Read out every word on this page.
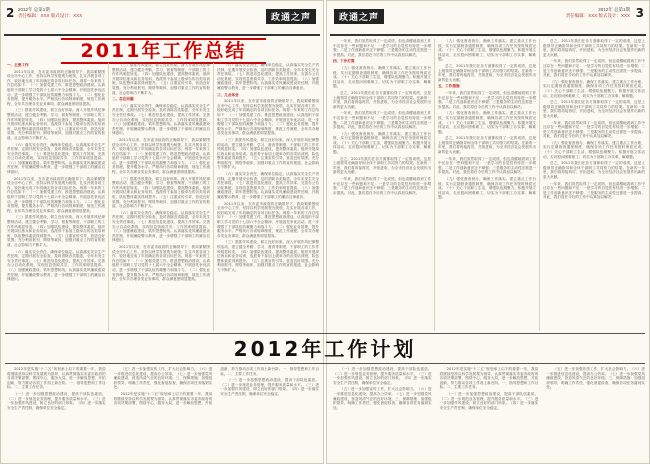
2 2012年 总第1期
责任编辑：XXX 版式设计：XXX	政通之声
2011年工作总结

一、主要工作

2011年以来，在市委市政府的正确领导下，我局紧紧围绕全市中心工作，坚持以科学发展观为统领，扎实开展各项工作，较好地完成了年初确定的各项目标任务。现将一年来的工作总结如下：（一）加强党建工作，推进思想政治建设。认真组织干部职工学习党的十七届六中全会精神，开展创先争优活动，进一步增强了干部队伍的凝聚力和战斗力。（二）强化业务管理，提升服务水平。严格执行各项规章制度，规范工作流程，全年共办理各类业务事项，群众满意度明显提高。

（三）狠抓作风建设，树立良好形象。深入开展作风纪律整顿活动，建立健全考勤、学习、督查等制度，干部职工的工作作风明显转变。（四）加强队伍建设，提高整体素质。组织开展岗位练兵和业务培训，选派骨干参加上级举办的各类培训班，队伍整体素质得到提升。（五）注重宣传引导，营造良好氛围。充分利用报刊、网络等载体，加强对重点工作的宣传报道，社会影响力不断扩大。

（六）落实安全责任，确保单位稳定。认真落实安全生产责任制，定期开展安全检查，及时消除各类隐患，全年未发生安全责任事故。（七）推进信息化建设，提高工作效率。完善办公自动化系统，实现信息资源共享，工作效率明显提高。（八）加强廉政建设，筑牢思想防线。认真落实党风廉政建设责任制，开展廉政警示教育，进一步增强了干部职工的廉洁自律意识。

2011年以来，在市委市政府的正确领导下，我局紧紧围绕全市中心工作，坚持以科学发展观为统领，扎实开展各项工作，较好地完成了年初确定的各项目标任务。现将一年来的工作总结如下：（一）加强党建工作，推进思想政治建设。认真组织干部职工学习党的十七届六中全会精神，开展创先争优活动，进一步增强了干部队伍的凝聚力和战斗力。（二）强化业务管理，提升服务水平。严格执行各项规章制度，规范工作流程，全年共办理各类业务事项，群众满意度明显提高。

（三）狠抓作风建设，树立良好形象。深入开展作风纪律整顿活动，建立健全考勤、学习、督查等制度，干部职工的工作作风明显转变。（四）加强队伍建设，提高整体素质。组织开展岗位练兵和业务培训，选派骨干参加上级举办的各类培训班，队伍整体素质得到提升。（五）注重宣传引导，营造良好氛围。充分利用报刊、网络等载体，加强对重点工作的宣传报道，社会影响力不断扩大。

（六）落实安全责任，确保单位稳定。认真落实安全生产责任制，定期开展安全检查，及时消除各类隐患，全年未发生安全责任事故。（七）推进信息化建设，提高工作效率。完善办公自动化系统，实现信息资源共享，工作效率明显提高。（八）加强廉政建设，筑牢思想防线。认真落实党风廉政建设责任制，开展廉政警示教育，进一步增强了干部职工的廉洁自律意识。

（三）狠抓作风建设，树立良好形象。深入开展作风纪律整顿活动，建立健全考勤、学习、督查等制度，干部职工的工作作风明显转变。（四）加强队伍建设，提高整体素质。组织开展岗位练兵和业务培训，选派骨干参加上级举办的各类培训班，队伍整体素质得到提升。（五）注重宣传引导，营造良好氛围。充分利用报刊、网络等载体，加强对重点工作的宣传报道，社会影响力不断扩大。

二、存在问题

（六）落实安全责任，确保单位稳定。认真落实安全生产责任制，定期开展安全检查，及时消除各类隐患，全年未发生安全责任事故。（七）推进信息化建设，提高工作效率。完善办公自动化系统，实现信息资源共享，工作效率明显提高。（八）加强廉政建设，筑牢思想防线。认真落实党风廉政建设责任制，开展廉政警示教育，进一步增强了干部职工的廉洁自律意识。

2011年以来，在市委市政府的正确领导下，我局紧紧围绕全市中心工作，坚持以科学发展观为统领，扎实开展各项工作，较好地完成了年初确定的各项目标任务。现将一年来的工作总结如下：（一）加强党建工作，推进思想政治建设。认真组织干部职工学习党的十七届六中全会精神，开展创先争优活动，进一步增强了干部队伍的凝聚力和战斗力。（二）强化业务管理，提升服务水平。严格执行各项规章制度，规范工作流程，全年共办理各类业务事项，群众满意度明显提高。

（三）狠抓作风建设，树立良好形象。深入开展作风纪律整顿活动，建立健全考勤、学习、督查等制度，干部职工的工作作风明显转变。（四）加强队伍建设，提高整体素质。组织开展岗位练兵和业务培训，选派骨干参加上级举办的各类培训班，队伍整体素质得到提升。（五）注重宣传引导，营造良好氛围。充分利用报刊、网络等载体，加强对重点工作的宣传报道，社会影响力不断扩大。

（六）落实安全责任，确保单位稳定。认真落实安全生产责任制，定期开展安全检查，及时消除各类隐患，全年未发生安全责任事故。（七）推进信息化建设，提高工作效率。完善办公自动化系统，实现信息资源共享，工作效率明显提高。（八）加强廉政建设，筑牢思想防线。认真落实党风廉政建设责任制，开展廉政警示教育，进一步增强了干部职工的廉洁自律意识。

2011年以来，在市委市政府的正确领导下，我局紧紧围绕全市中心工作，坚持以科学发展观为统领，扎实开展各项工作，较好地完成了年初确定的各项目标任务。现将一年来的工作总结如下：（一）加强党建工作，推进思想政治建设。认真组织干部职工学习党的十七届六中全会精神，开展创先争优活动，进一步增强了干部队伍的凝聚力和战斗力。（二）强化业务管理，提升服务水平。严格执行各项规章制度，规范工作流程，全年共办理各类业务事项，群众满意度明显提高。

（六）落实安全责任，确保单位稳定。认真落实安全生产责任制，定期开展安全检查，及时消除各类隐患，全年未发生安全责任事故。（七）推进信息化建设，提高工作效率。完善办公自动化系统，实现信息资源共享，工作效率明显提高。（八）加强廉政建设，筑牢思想防线。认真落实党风廉政建设责任制，开展廉政警示教育，进一步增强了干部职工的廉洁自律意识。

三、几点体会

2011年以来，在市委市政府的正确领导下，我局紧紧围绕全市中心工作，坚持以科学发展观为统领，扎实开展各项工作，较好地完成了年初确定的各项目标任务。现将一年来的工作总结如下：（一）加强党建工作，推进思想政治建设。认真组织干部职工学习党的十七届六中全会精神，开展创先争优活动，进一步增强了干部队伍的凝聚力和战斗力。（二）强化业务管理，提升服务水平。严格执行各项规章制度，规范工作流程，全年共办理各类业务事项，群众满意度明显提高。

（三）狠抓作风建设，树立良好形象。深入开展作风纪律整顿活动，建立健全考勤、学习、督查等制度，干部职工的工作作风明显转变。（四）加强队伍建设，提高整体素质。组织开展岗位练兵和业务培训，选派骨干参加上级举办的各类培训班，队伍整体素质得到提升。（五）注重宣传引导，营造良好氛围。充分利用报刊、网络等载体，加强对重点工作的宣传报道，社会影响力不断扩大。

（六）落实安全责任，确保单位稳定。认真落实安全生产责任制，定期开展安全检查，及时消除各类隐患，全年未发生安全责任事故。（七）推进信息化建设，提高工作效率。完善办公自动化系统，实现信息资源共享，工作效率明显提高。（八）加强廉政建设，筑牢思想防线。认真落实党风廉政建设责任制，开展廉政警示教育，进一步增强了干部职工的廉洁自律意识。

2011年以来，在市委市政府的正确领导下，我局紧紧围绕全市中心工作，坚持以科学发展观为统领，扎实开展各项工作，较好地完成了年初确定的各项目标任务。现将一年来的工作总结如下：（一）加强党建工作，推进思想政治建设。认真组织干部职工学习党的十七届六中全会精神，开展创先争优活动，进一步增强了干部队伍的凝聚力和战斗力。（二）强化业务管理，提升服务水平。严格执行各项规章制度，规范工作流程，全年共办理各类业务事项，群众满意度明显提高。

（三）狠抓作风建设，树立良好形象。深入开展作风纪律整顿活动，建立健全考勤、学习、督查等制度，干部职工的工作作风明显转变。（四）加强队伍建设，提高整体素质。组织开展岗位练兵和业务培训，选派骨干参加上级举办的各类培训班，队伍整体素质得到提升。（五）注重宣传引导，营造良好氛围。充分利用报刊、网络等载体，加强对重点工作的宣传报道，社会影响力不断扩大。

2012年是实施“十二五”规划承上启下的重要一年，我局将继续坚持以科学发展观为指导，认真贯彻落实市委市政府的各项决策部署，围绕中心，服务大局，进一步解放思想，开拓创新，努力推动各项工作再上新台阶。一、指导思想和工作目标。二、主要工作任务。

（一）进一步加强思想政治建设，提高干部队伍素质。（二）进一步规范业务管理，提升服务质量和水平。（三）进一步加强作风建设，树立良好的部门形象。（四）进一步落实安全生产责任制，确保单位安全稳定。

（五）进一步加强宣传工作，扩大社会影响力。（六）进一步推进信息化建设，提高办公效率。（七）进一步加强党风廉政建设，营造风清气正的良好环境。三、保障措施：加强组织领导，明确工作责任，强化督促检查，确保各项任务落到实处。

2012年是实施“十二五”规划承上启下的重要一年，我局将继续坚持以科学发展观为指导，认真贯彻落实市委市政府的各项决策部署，围绕中心，服务大局，进一步解放思想，开拓创新，努力推动各项工作再上新台阶。一、指导思想和工作目标。二、主要工作任务。

（一）进一步加强思想政治建设，提高干部队伍素质。（二）进一步规范业务管理，提升服务质量和水平。（三）进一步加强作风建设，树立良好的部门形象。（四）进一步落实安全生产责任制，确保单位安全稳定。

政通之声
2012年 总第1期
责任编辑：XXX 版式设计：XXX 3

一年来，我们虽然取得了一定成绩，但也清醒地看到工作中还存在一些问题和不足：一是学习的自觉性有待进一步增强；二是工作创新意识还不够强；三是服务的主动性还需进一步提高。对此，我们将在今后的工作中认真加以解决。

四、下步打算

（九）强化督查督办，确保工作落实。建立重点工作台账，实行定期督查通报制度，确保各项工作任务按时保质完成。（十）关心干部职工生活，增强队伍凝聚力。积极开展文体活动，走访慰问困难职工，切实为干部职工办实事、解难题。

总之，2011年我们在各方面都取得了一定的成绩，这是上级领导正确指导和全体干部职工共同努力的结果。在新的一年里，我们将再接再厉，开拓进取，为全市经济社会发展作出新的更大贡献。

一年来，我们虽然取得了一定成绩，但也清醒地看到工作中还存在一些问题和不足：一是学习的自觉性有待进一步增强；二是工作创新意识还不够强；三是服务的主动性还需进一步提高。对此，我们将在今后的工作中认真加以解决。

（九）强化督查督办，确保工作落实。建立重点工作台账，实行定期督查通报制度，确保各项工作任务按时保质完成。（十）关心干部职工生活，增强队伍凝聚力。积极开展文体活动，走访慰问困难职工，切实为干部职工办实事、解难题。

总之，2011年我们在各方面都取得了一定的成绩，这是上级领导正确指导和全体干部职工共同努力的结果。在新的一年里，我们将再接再厉，开拓进取，为全市经济社会发展作出新的更大贡献。

一年来，我们虽然取得了一定成绩，但也清醒地看到工作中还存在一些问题和不足：一是学习的自觉性有待进一步增强；二是工作创新意识还不够强；三是服务的主动性还需进一步提高。对此，我们将在今后的工作中认真加以解决。

（九）强化督查督办，确保工作落实。建立重点工作台账，实行定期督查通报制度，确保各项工作任务按时保质完成。（十）关心干部职工生活，增强队伍凝聚力。积极开展文体活动，走访慰问困难职工，切实为干部职工办实事、解难题。

总之，2011年我们在各方面都取得了一定的成绩，这是上级领导正确指导和全体干部职工共同努力的结果。在新的一年里，我们将再接再厉，开拓进取，为全市经济社会发展作出新的更大贡献。

五、工作措施

一年来，我们虽然取得了一定成绩，但也清醒地看到工作中还存在一些问题和不足：一是学习的自觉性有待进一步增强；二是工作创新意识还不够强；三是服务的主动性还需进一步提高。对此，我们将在今后的工作中认真加以解决。

（九）强化督查督办，确保工作落实。建立重点工作台账，实行定期督查通报制度，确保各项工作任务按时保质完成。（十）关心干部职工生活，增强队伍凝聚力。积极开展文体活动，走访慰问困难职工，切实为干部职工办实事、解难题。

总之，2011年我们在各方面都取得了一定的成绩，这是上级领导正确指导和全体干部职工共同努力的结果。在新的一年里，我们将再接再厉，开拓进取，为全市经济社会发展作出新的更大贡献。

一年来，我们虽然取得了一定成绩，但也清醒地看到工作中还存在一些问题和不足：一是学习的自觉性有待进一步增强；二是工作创新意识还不够强；三是服务的主动性还需进一步提高。对此，我们将在今后的工作中认真加以解决。

（九）强化督查督办，确保工作落实。建立重点工作台账，实行定期督查通报制度，确保各项工作任务按时保质完成。（十）关心干部职工生活，增强队伍凝聚力。积极开展文体活动，走访慰问困难职工，切实为干部职工办实事、解难题。

总之，2011年我们在各方面都取得了一定的成绩，这是上级领导正确指导和全体干部职工共同努力的结果。在新的一年里，我们将再接再厉，开拓进取，为全市经济社会发展作出新的更大贡献。

一年来，我们虽然取得了一定成绩，但也清醒地看到工作中还存在一些问题和不足：一是学习的自觉性有待进一步增强；二是工作创新意识还不够强；三是服务的主动性还需进一步提高。对此，我们将在今后的工作中认真加以解决。

（九）强化督查督办，确保工作落实。建立重点工作台账，实行定期督查通报制度，确保各项工作任务按时保质完成。（十）关心干部职工生活，增强队伍凝聚力。积极开展文体活动，走访慰问困难职工，切实为干部职工办实事、解难题。

总之，2011年我们在各方面都取得了一定的成绩，这是上级领导正确指导和全体干部职工共同努力的结果。在新的一年里，我们将再接再厉，开拓进取，为全市经济社会发展作出新的更大贡献。

一年来，我们虽然取得了一定成绩，但也清醒地看到工作中还存在一些问题和不足：一是学习的自觉性有待进一步增强；二是工作创新意识还不够强；三是服务的主动性还需进一步提高。对此，我们将在今后的工作中认真加以解决。

（九）强化督查督办，确保工作落实。建立重点工作台账，实行定期督查通报制度，确保各项工作任务按时保质完成。（十）关心干部职工生活，增强队伍凝聚力。积极开展文体活动，走访慰问困难职工，切实为干部职工办实事、解难题。

总之，2011年我们在各方面都取得了一定的成绩，这是上级领导正确指导和全体干部职工共同努力的结果。在新的一年里，我们将再接再厉，开拓进取，为全市经济社会发展作出新的更大贡献。

一年来，我们虽然取得了一定成绩，但也清醒地看到工作中还存在一些问题和不足：一是学习的自觉性有待进一步增强；二是工作创新意识还不够强；三是服务的主动性还需进一步提高。对此，我们将在今后的工作中认真加以解决。

（一）进一步加强思想政治建设，提高干部队伍素质。（二）进一步规范业务管理，提升服务质量和水平。（三）进一步加强作风建设，树立良好的部门形象。（四）进一步落实安全生产责任制，确保单位安全稳定。

（五）进一步加强宣传工作，扩大社会影响力。（六）进一步推进信息化建设，提高办公效率。（七）进一步加强党风廉政建设，营造风清气正的良好环境。三、保障措施：加强组织领导，明确工作责任，强化督促检查，确保各项任务落到实处。

2012年是实施“十二五”规划承上启下的重要一年，我局将继续坚持以科学发展观为指导，认真贯彻落实市委市政府的各项决策部署，围绕中心，服务大局，进一步解放思想，开拓创新，努力推动各项工作再上新台阶。一、指导思想和工作目标。二、主要工作任务。

（一）进一步加强思想政治建设，提高干部队伍素质。（二）进一步规范业务管理，提升服务质量和水平。（三）进一步加强作风建设，树立良好的部门形象。（四）进一步落实安全生产责任制，确保单位安全稳定。

（五）进一步加强宣传工作，扩大社会影响力。（六）进一步推进信息化建设，提高办公效率。（七）进一步加强党风廉政建设，营造风清气正的良好环境。三、保障措施：加强组织领导，明确工作责任，强化督促检查，确保各项任务落到实处。

2012年工作计划
